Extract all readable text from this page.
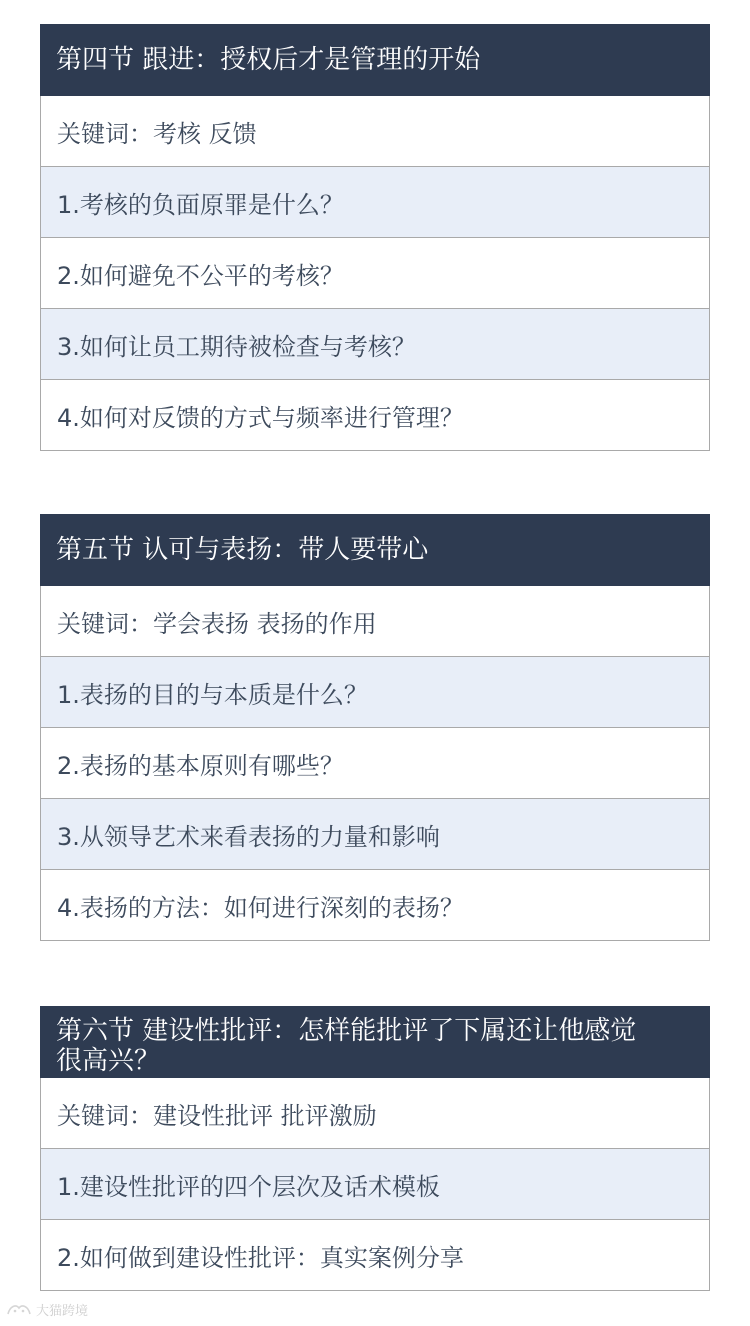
第四节 跟进：授权后才是管理的开始
关键词：考核 反馈
1.考核的负面原罪是什么？
2.如何避免不公平的考核？
3.如何让员工期待被检查与考核？
4.如何对反馈的方式与频率进行管理？
第五节 认可与表扬：带人要带心
关键词：学会表扬 表扬的作用
1.表扬的目的与本质是什么？
2.表扬的基本原则有哪些？
3.从领导艺术来看表扬的力量和影响
4.表扬的方法：如何进行深刻的表扬？
第六节 建设性批评：怎样能批评了下属还让他感觉
很高兴？
关键词：建设性批评 批评激励
1.建设性批评的四个层次及话术模板
2.如何做到建设性批评：真实案例分享
大猫跨境
